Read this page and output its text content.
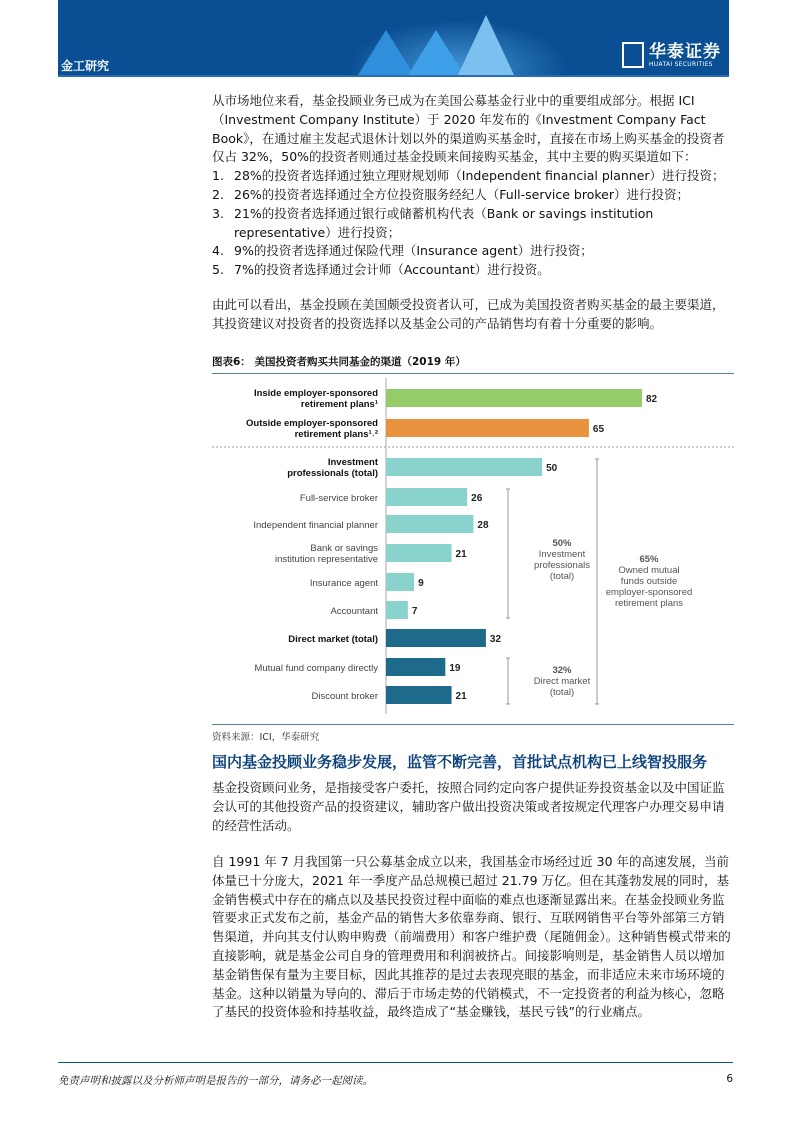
金工研究
华泰证券
HUATAI SECURITIES
从市场地位来看，基金投顾业务已成为在美国公募基金行业中的重要组成部分。根据 ICI（Investment Company Institute）于 2020 年发布的《Investment Company Fact Book》，在通过雇主发起式退休计划以外的渠道购买基金时，直接在市场上购买基金的投资者仅占 32%，50%的投资者则通过基金投顾来间接购买基金，其中主要的购买渠道如下：
1. 28%的投资者选择通过独立理财规划师（Independent financial planner）进行投资；
2. 26%的投资者选择通过全方位投资服务经纪人（Full-service broker）进行投资；
3. 21%的投资者选择通过银行或储蓄机构代表（Bank or savings institution representative）进行投资；
4. 9%的投资者选择通过保险代理（Insurance agent）进行投资；
5. 7%的投资者选择通过会计师（Accountant）进行投资。
由此可以看出，基金投顾在美国颇受投资者认可，已成为美国投资者购买基金的最主要渠道，其投资建议对投资者的投资选择以及基金公司的产品销售均有着十分重要的影响。
图表6： 美国投资者购买共同基金的渠道（2019 年）
82
Inside employer-sponsored
retirement plans¹
65
Outside employer-sponsored
retirement plans¹˒²
50
Investment
professionals (total)
26
Full-service broker
28
Independent financial planner
21
Bank or savings
institution representative
9
Insurance agent
7
Accountant
32
Direct market (total)
19
Mutual fund company directly
21
Discount broker
50%
Investment
professionals
(total)
32%
Direct market
(total)
65%
Owned mutual
funds outside
employer-sponsored
retirement plans
资料来源：ICI，华泰研究
国内基金投顾业务稳步发展，监管不断完善，首批试点机构已上线智投服务
基金投资顾问业务，是指接受客户委托，按照合同约定向客户提供证券投资基金以及中国证监会认可的其他投资产品的投资建议，辅助客户做出投资决策或者按规定代理客户办理交易申请的经营性活动。
自 1991 年 7 月我国第一只公募基金成立以来，我国基金市场经过近 30 年的高速发展，当前体量已十分庞大，2021 年一季度产品总规模已超过 21.79 万亿。但在其蓬勃发展的同时，基金销售模式中存在的痛点以及基民投资过程中面临的难点也逐渐显露出来。在基金投顾业务监管要求正式发布之前，基金产品的销售大多依靠券商、银行、互联网销售平台等外部第三方销售渠道，并向其支付认购申购费（前端费用）和客户维护费（尾随佣金）。这种销售模式带来的直接影响，就是基金公司自身的管理费用和利润被挤占。间接影响则是，基金销售人员以增加基金销售保有量为主要目标，因此其推荐的是过去表现亮眼的基金，而非适应未来市场环境的基金。这种以销量为导向的、滞后于市场走势的代销模式，不一定投资者的利益为核心，忽略了基民的投资体验和持基收益，最终造成了“基金赚钱，基民亏钱”的行业痛点。
免责声明和披露以及分析师声明是报告的一部分，请务必一起阅读。	6
